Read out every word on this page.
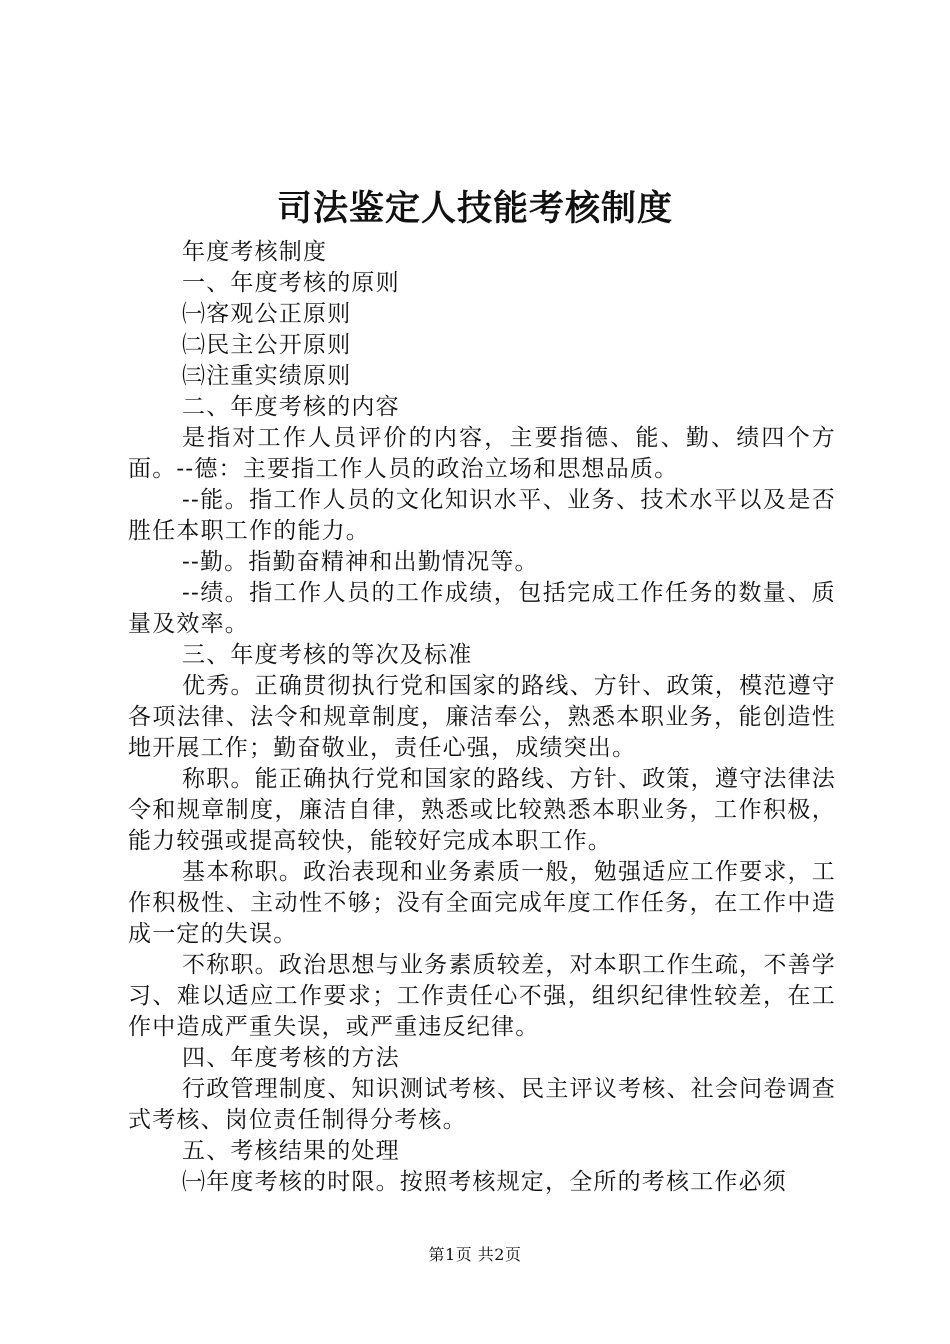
司法鉴定人技能考核制度

年度考核制度

一、年度考核的原则

㈠客观公正原则

㈡民主公开原则

㈢注重实绩原则

二、年度考核的内容

是指对工作人员评价的内容，主要指德、能、勤、绩四个方面。--德：主要指工作人员的政治立场和思想品质。

--能。指工作人员的文化知识水平、业务、技术水平以及是否胜任本职工作的能力。

--勤。指勤奋精神和出勤情况等。

--绩。指工作人员的工作成绩，包括完成工作任务的数量、质量及效率。

三、年度考核的等次及标准

优秀。正确贯彻执行党和国家的路线、方针、政策，模范遵守各项法律、法令和规章制度，廉洁奉公，熟悉本职业务，能创造性地开展工作；勤奋敬业，责任心强，成绩突出。

称职。能正确执行党和国家的路线、方针、政策，遵守法律法令和规章制度，廉洁自律，熟悉或比较熟悉本职业务，工作积极，能力较强或提高较快，能较好完成本职工作。

基本称职。政治表现和业务素质一般，勉强适应工作要求，工作积极性、主动性不够；没有全面完成年度工作任务，在工作中造成一定的失误。

不称职。政治思想与业务素质较差，对本职工作生疏，不善学习、难以适应工作要求；工作责任心不强，组织纪律性较差，在工作中造成严重失误，或严重违反纪律。

四、年度考核的方法

行政管理制度、知识测试考核、民主评议考核、社会问卷调查式考核、岗位责任制得分考核。

五、考核结果的处理

㈠年度考核的时限。按照考核规定，全所的考核工作必须

第1页 共2页
